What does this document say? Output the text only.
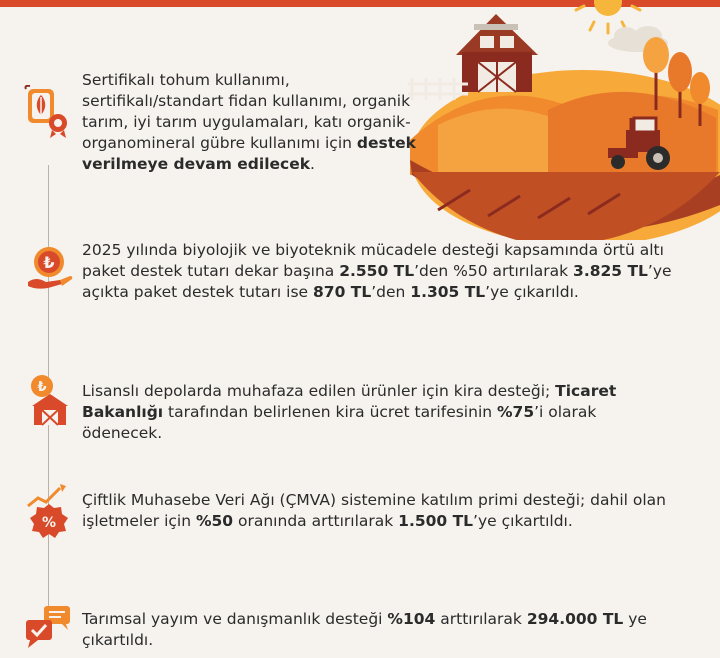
₺
₺
%

Sertifikalı tohum kullanımı, sertifikalı/standart fidan kullanımı, organik tarım, iyi tarım uygulamaları, katı organik-organomineral gübre kullanımı için destek verilmeye devam edilecek.

2025 yılında biyolojik ve biyoteknik mücadele desteği kapsamında örtü altı paket destek tutarı dekar başına 2.550 TL’den %50 artırılarak 3.825 TL’ye açıkta paket destek tutarı ise 870 TL’den 1.305 TL’ye çıkarıldı.

Lisanslı depolarda muhafaza edilen ürünler için kira desteği; Ticaret Bakanlığı tarafından belirlenen kira ücret tarifesinin %75’i olarak ödenecek.

Çiftlik Muhasebe Veri Ağı (ÇMVA) sistemine katılım primi desteği; dahil olan işletmeler için %50 oranında arttırılarak 1.500 TL’ye çıkartıldı.

Tarımsal yayım ve danışmanlık desteği %104 arttırılarak 294.000 TL ye çıkartıldı.
